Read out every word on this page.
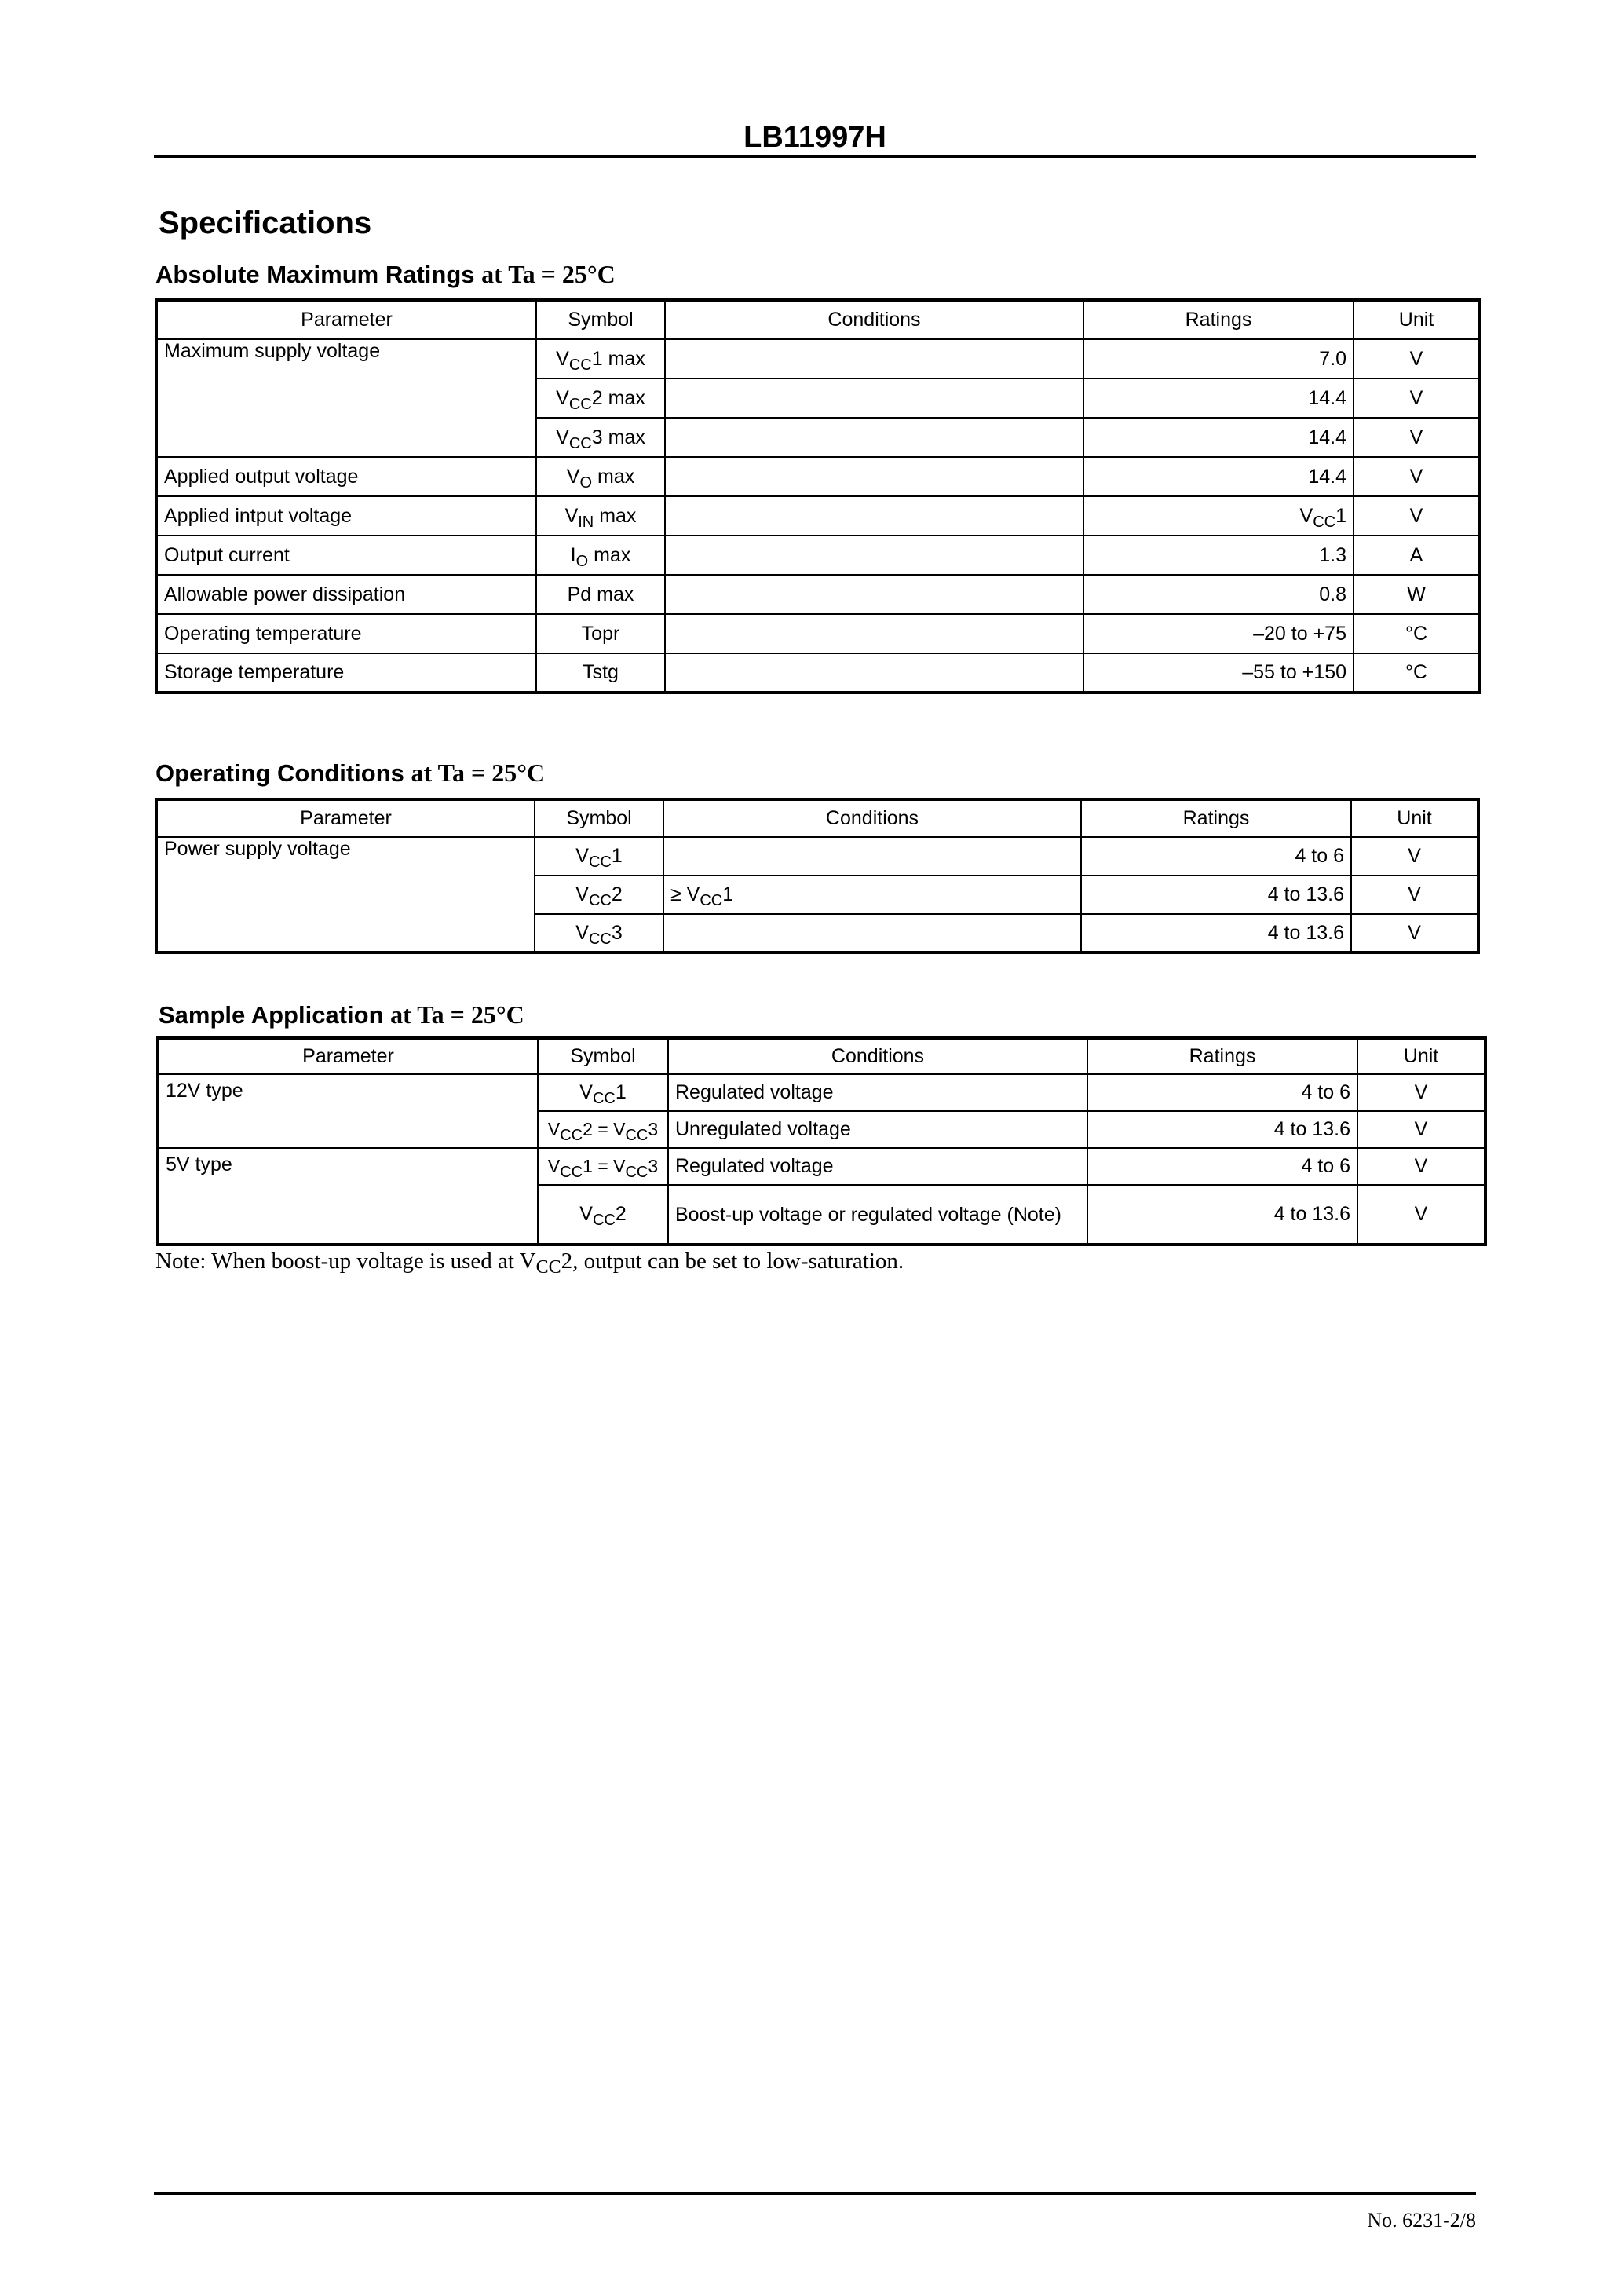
LB11997H
Specifications
Absolute Maximum Ratings at Ta = 25°C
Parameter	Symbol	Conditions	Ratings	Unit
Maximum supply voltage	$V_{CC}1$ max		7.0	V
	$V_{CC}2$ max		14.4	V
	$V_{CC}3$ max		14.4	V
Applied output voltage	$V_O$ max		14.4	V
Applied intput voltage	$V_{IN}$ max		$V_{CC}1$	V
Output current	$I_O$ max		1.3	A
Allowable power dissipation	Pd max		0.8	W
Operating temperature	Topr		–20 to +75	°C
Storage temperature	Tstg		–55 to +150	°C
Operating Conditions at Ta = 25°C
Parameter	Symbol	Conditions	Ratings	Unit
Power supply voltage	$V_{CC}1$		4 to 6	V
	$V_{CC}2$	≥ $V_{CC}1$	4 to 13.6	V
	$V_{CC}3$		4 to 13.6	V
Sample Application at Ta = 25°C
Parameter	Symbol	Conditions	Ratings	Unit
12V type	$V_{CC}1$	Regulated voltage	4 to 6	V
	VCC2 = VCC3	Unregulated voltage	4 to 13.6	V
5V type	VCC1 = VCC3	Regulated voltage	4 to 6	V
	$V_{CC}2$	Boost-up voltage or regulated voltage (Note)	4 to 13.6	V
Note: When boost-up voltage is used at $V_{CC}2$, output can be set to low-saturation.
No. 6231-2/8
